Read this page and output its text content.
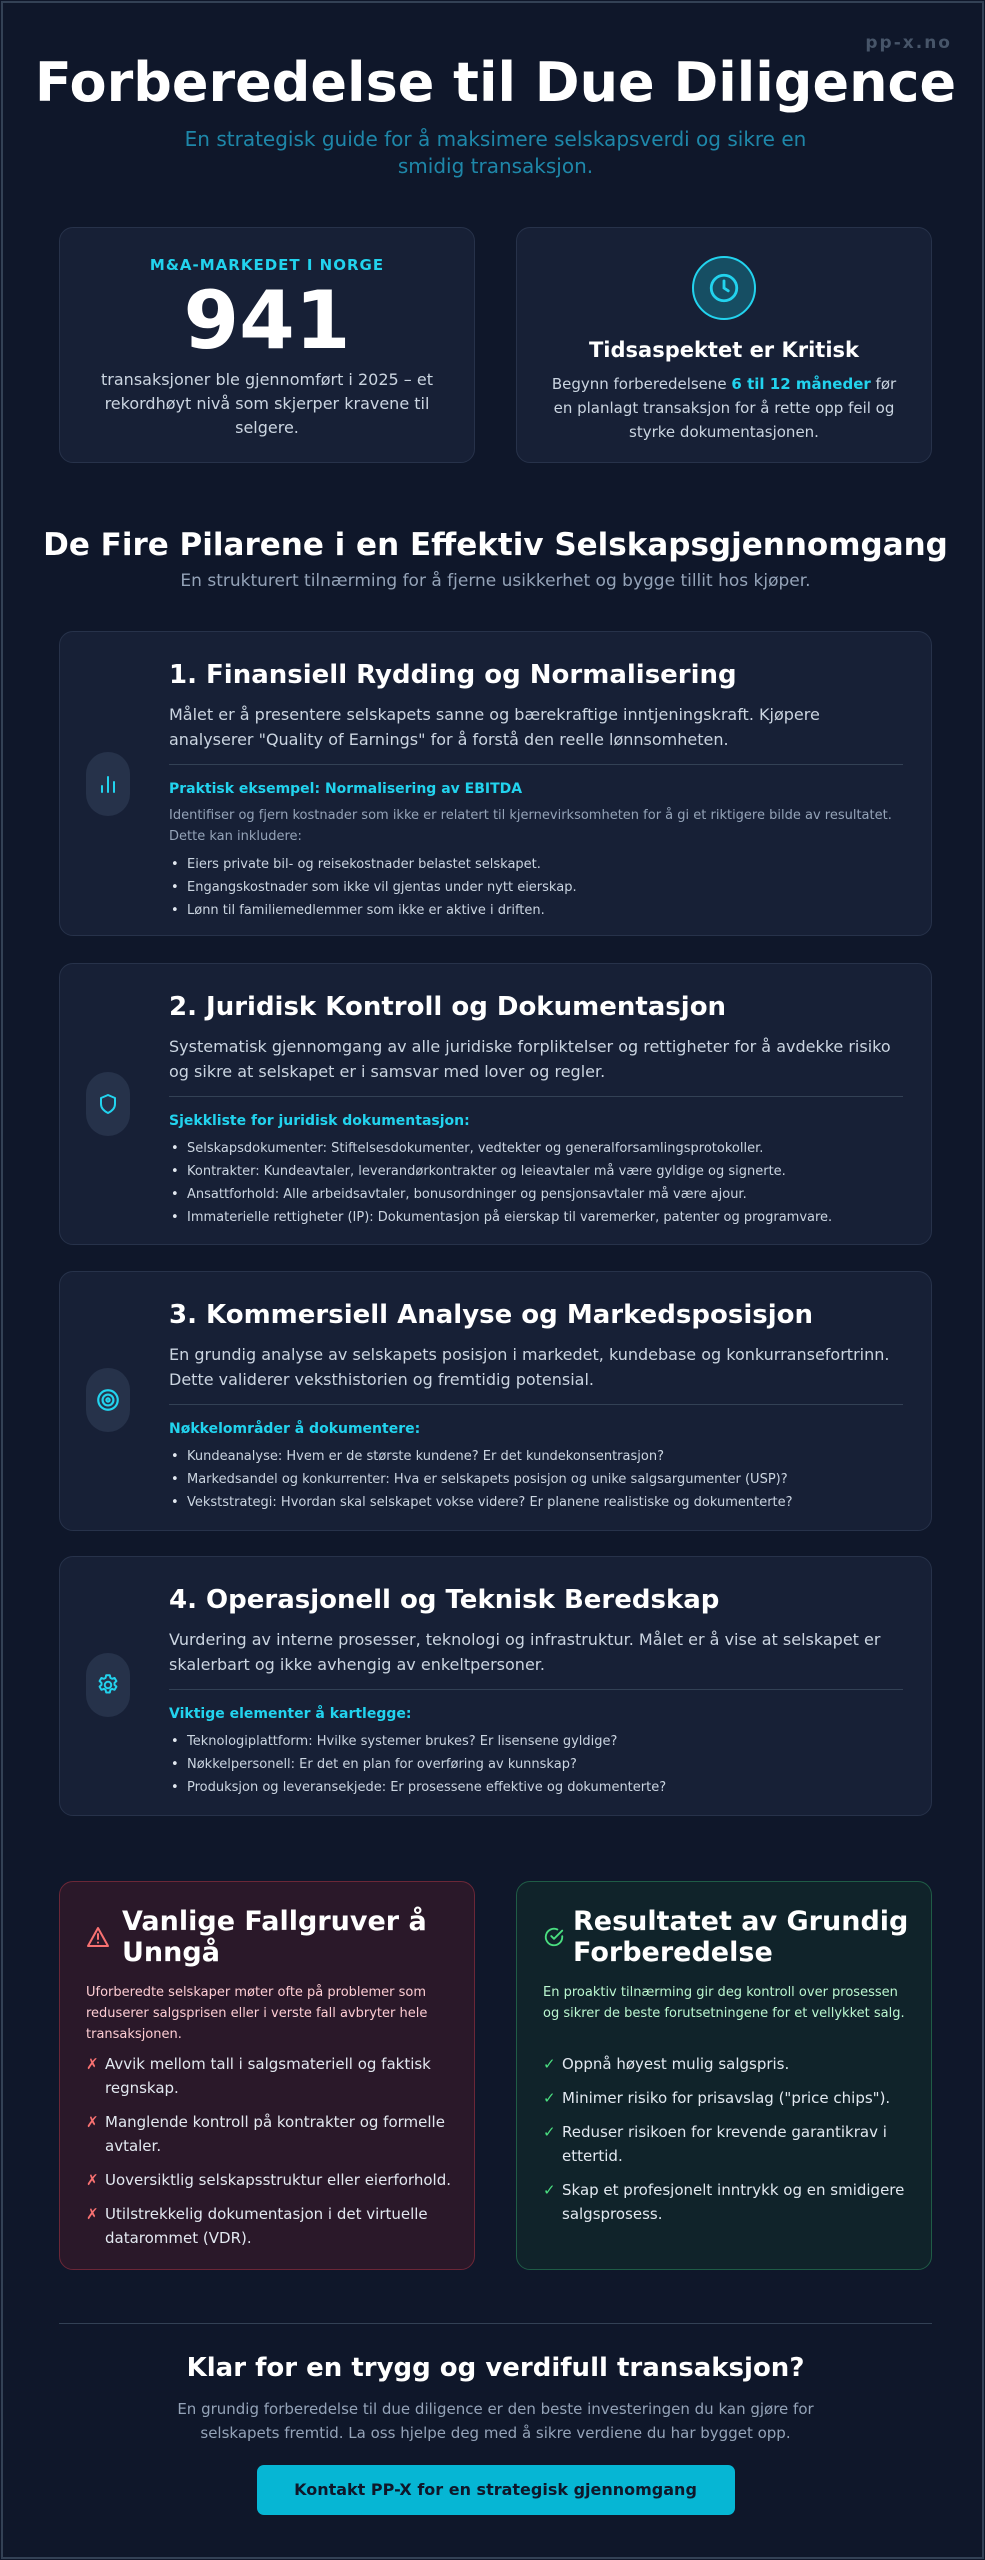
pp-x.no
Forberedelse til Due Diligence
En strategisk guide for å maksimere selskapsverdi og sikre en smidig transaksjon.
M&A-MARKEDET I NORGE
941
transaksjoner ble gjennomført i 2025 – et rekordhøyt nivå som skjerper kravene til selgere.
Tidsaspektet er Kritisk
Begynn forberedelsene 6 til 12 måneder før en planlagt transaksjon for å rette opp feil og styrke dokumentasjonen.
De Fire Pilarene i en Effektiv Selskapsgjennomgang
En strukturert tilnærming for å fjerne usikkerhet og bygge tillit hos kjøper.
1. Finansiell Rydding og Normalisering
Målet er å presentere selskapets sanne og bærekraftige inntjeningskraft. Kjøpere analyserer "Quality of Earnings" for å forstå den reelle lønnsomheten.
Praktisk eksempel: Normalisering av EBITDA
Identifiser og fjern kostnader som ikke er relatert til kjernevirksomheten for å gi et riktigere bilde av resultatet. Dette kan inkludere:
• Eiers private bil- og reisekostnader belastet selskapet.
• Engangskostnader som ikke vil gjentas under nytt eierskap.
• Lønn til familiemedlemmer som ikke er aktive i driften.
2. Juridisk Kontroll og Dokumentasjon
Systematisk gjennomgang av alle juridiske forpliktelser og rettigheter for å avdekke risiko og sikre at selskapet er i samsvar med lover og regler.
Sjekkliste for juridisk dokumentasjon:
• Selskapsdokumenter: Stiftelsesdokumenter, vedtekter og generalforsamlingsprotokoller.
• Kontrakter: Kundeavtaler, leverandørkontrakter og leieavtaler må være gyldige og signerte.
• Ansattforhold: Alle arbeidsavtaler, bonusordninger og pensjonsavtaler må være ajour.
• Immaterielle rettigheter (IP): Dokumentasjon på eierskap til varemerker, patenter og programvare.
3. Kommersiell Analyse og Markedsposisjon
En grundig analyse av selskapets posisjon i markedet, kundebase og konkurransefortrinn. Dette validerer veksthistorien og fremtidig potensial.
Nøkkelområder å dokumentere:
• Kundeanalyse: Hvem er de største kundene? Er det kundekonsentrasjon?
• Markedsandel og konkurrenter: Hva er selskapets posisjon og unike salgsargumenter (USP)?
• Vekststrategi: Hvordan skal selskapet vokse videre? Er planene realistiske og dokumenterte?
4. Operasjonell og Teknisk Beredskap
Vurdering av interne prosesser, teknologi og infrastruktur. Målet er å vise at selskapet er skalerbart og ikke avhengig av enkeltpersoner.
Viktige elementer å kartlegge:
• Teknologiplattform: Hvilke systemer brukes? Er lisensene gyldige?
• Nøkkelpersonell: Er det en plan for overføring av kunnskap?
• Produksjon og leveransekjede: Er prosessene effektive og dokumenterte?
Vanlige Fallgruver å Unngå
Uforberedte selskaper møter ofte på problemer som reduserer salgsprisen eller i verste fall avbryter hele transaksjonen.
✗ Avvik mellom tall i salgsmateriell og faktisk regnskap.
✗ Manglende kontroll på kontrakter og formelle avtaler.
✗ Uoversiktlig selskapsstruktur eller eierforhold.
✗ Utilstrekkelig dokumentasjon i det virtuelle datarommet (VDR).
Resultatet av Grundig Forberedelse
En proaktiv tilnærming gir deg kontroll over prosessen og sikrer de beste forutsetningene for et vellykket salg.
✓ Oppnå høyest mulig salgspris.
✓ Minimer risiko for prisavslag ("price chips").
✓ Reduser risikoen for krevende garantikrav i ettertid.
✓ Skap et profesjonelt inntrykk og en smidigere salgsprosess.
Klar for en trygg og verdifull transaksjon?
En grundig forberedelse til due diligence er den beste investeringen du kan gjøre for selskapets fremtid. La oss hjelpe deg med å sikre verdiene du har bygget opp.
Kontakt PP-X for en strategisk gjennomgang
